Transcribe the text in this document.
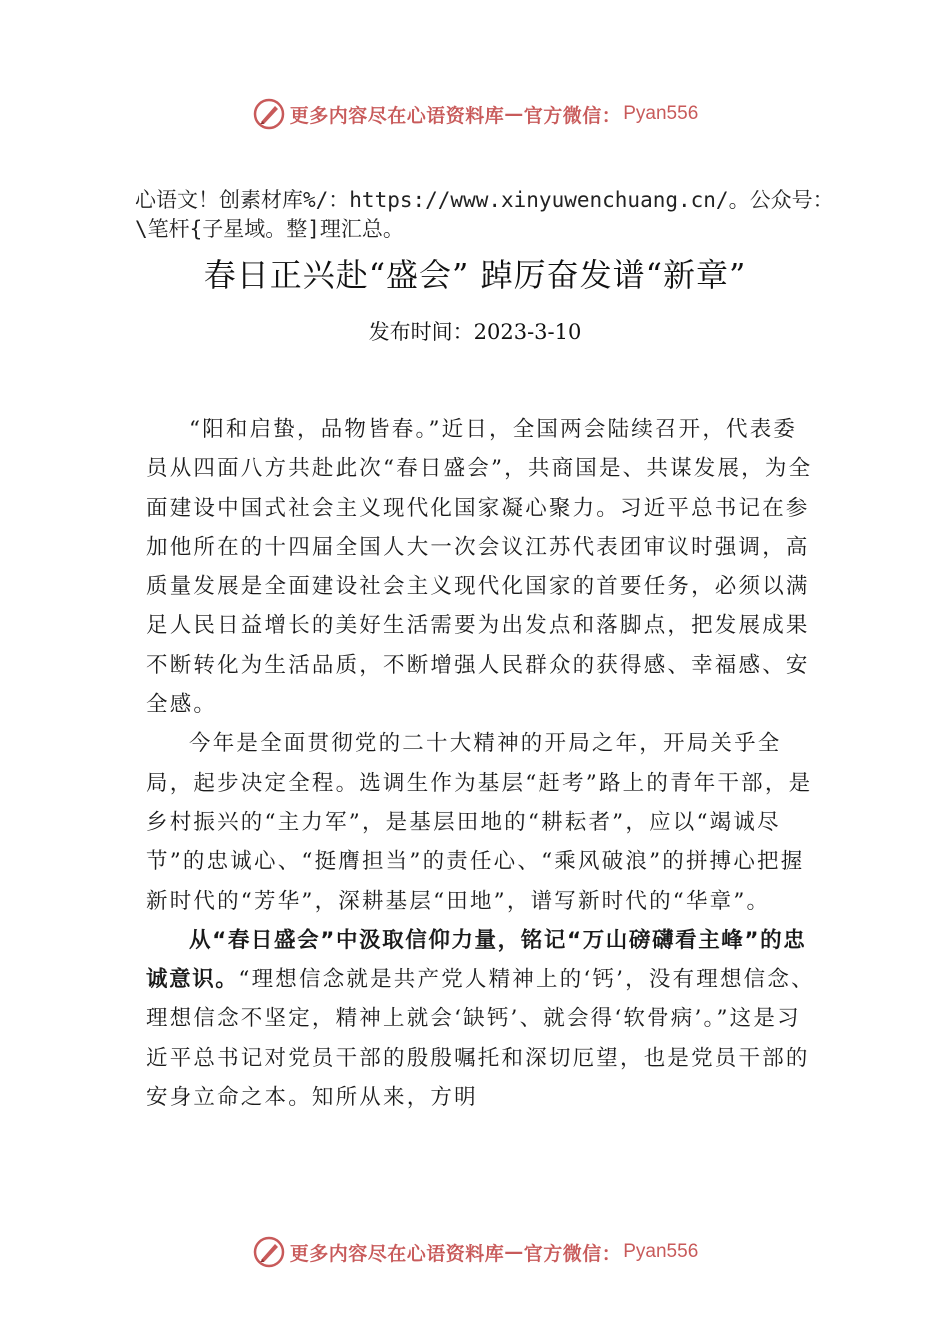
更多内容尽在心语资料库 — 官方微信： Pyan556
心语文！创素材库%/：https://www.xinyuwenchuang.cn/。公众号：\笔杆{子星域。整]理汇总。
春日正兴赴“盛会” 踔厉奋发谱“新章”
发布时间：2023-3-10

“阳和启蛰，品物皆春。”近日，全国两会陆续召开，代表委员从四面八方共赴此次“春日盛会”，共商国是、共谋发展，为全面建设中国式社会主义现代化国家凝心聚力。习近平总书记在参加他所在的十四届全国人大一次会议江苏代表团审议时强调，高质量发展是全面建设社会主义现代化国家的首要任务，必须以满足人民日益增长的美好生活需要为出发点和落脚点，把发展成果不断转化为生活品质，不断增强人民群众的获得感、幸福感、安全感。

今年是全面贯彻党的二十大精神的开局之年，开局关乎全局，起步决定全程。选调生作为基层“赶考”路上的青年干部，是乡村振兴的“主力军”，是基层田地的“耕耘者”，应以“竭诚尽节”的忠诚心、“挺膺担当”的责任心、“乘风破浪”的拼搏心把握新时代的“芳华”，深耕基层“田地”，谱写新时代的“华章”。

从“春日盛会”中汲取信仰力量，铭记“万山磅礴看主峰”的忠诚意识。“理想信念就是共产党人精神上的‘钙’，没有理想信念、理想信念不坚定，精神上就会‘缺钙’、就会得‘软骨病’。”这是习近平总书记对党员干部的殷殷嘱托和深切厄望，也是党员干部的安身立命之本。知所从来，方明

更多内容尽在心语资料库 — 官方微信： Pyan556
